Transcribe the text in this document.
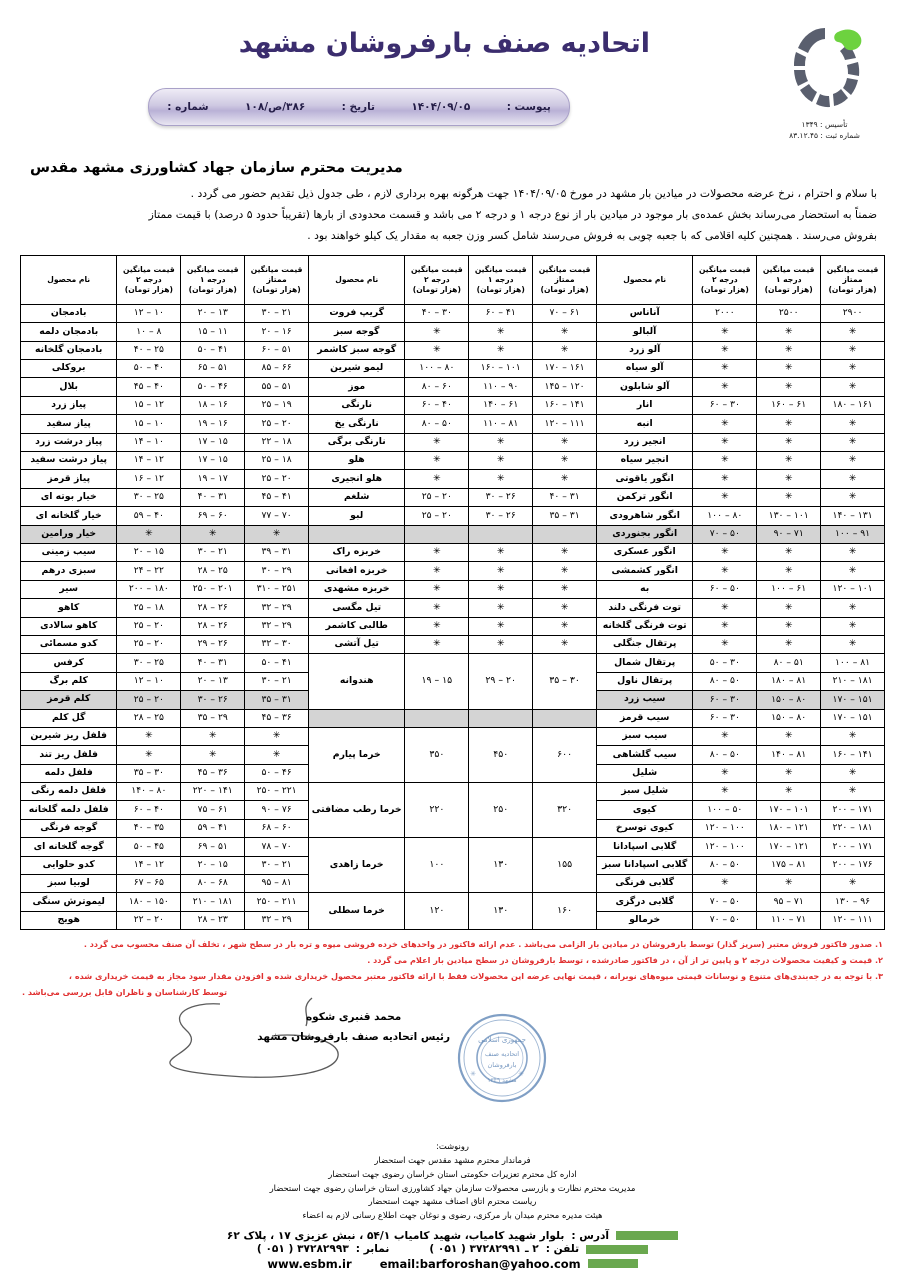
اتحادیه صنف بارفروشان مشهد
تأسیس : ۱۳۴۹
شماره ثبت : ۸۳.۱۲.۴۵
پیوست :
۱۴۰۴/۰۹/۰۵
تاریخ :
۳۸۶/ص/۱۰۸
شماره :
مدیریت محترم سازمان جهاد کشاورزی مشهد مقدس

با سلام و احترام ، نرخ عرضه محصولات در میادین بار مشهد در مورخ ۱۴۰۴/۰۹/۰۵ جهت هرگونه بهره برداری لازم ، طی جدول ذیل تقدیم حضور می گردد .

ضمناً به استحضار می‌رساند بخش عمده‌ی بار موجود در میادین بار از نوع درجه ۱ و درجه ۲ می باشد و قسمت محدودی از بارها (تقریباً حدود ۵ درصد) با قیمت ممتاز

بفروش می‌رسند . همچنین کلیه اقلامی که با جعبه چوبی به فروش می‌رسند شامل کسر وزن جعبه به مقدار یک کیلو خواهند بود .

قیمت میانگین
ممتاز
(هزار تومان)	قیمت میانگین
درجه ۱
(هزار تومان)	قیمت میانگین
درجه ۲
(هزار تومان)	نام محصول	قیمت میانگین
ممتاز
(هزار تومان)	قیمت میانگین
درجه ۱
(هزار تومان)	قیمت میانگین
درجه ۲
(هزار تومان)	نام محصول	قیمت میانگین
ممتاز
(هزار تومان)	قیمت میانگین
درجه ۱
(هزار تومان)	قیمت میانگین
درجه ۲
(هزار تومان)	نام محصول
۲۹۰۰	۲۵۰۰	۲۰۰۰	آناناس	۶۱ – ۷۰	۴۱ – ۶۰	۳۰ – ۴۰	گریپ فروت	۲۱ – ۳۰	۱۳ – ۲۰	۱۰ – ۱۲	بادمجان
✳	✳	✳	آلبالو	✳	✳	✳	گوجه سبز	۱۶ – ۲۰	۱۱ – ۱۵	۸ – ۱۰	بادمجان دلمه
✳	✳	✳	آلو زرد	✳	✳	✳	گوجه سبز کاشمر	۵۱ – ۶۰	۴۱ – ۵۰	۲۵ – ۴۰	بادمجان گلخانه
✳	✳	✳	آلو سیاه	۱۶۱ – ۱۷۰	۱۰۱ – ۱۶۰	۸۰ – ۱۰۰	لیمو شیرین	۶۶ – ۸۵	۵۱ – ۶۵	۴۰ – ۵۰	بروکلی
✳	✳	✳	آلو شابلون	۱۲۰ – ۱۴۵	۹۰ – ۱۱۰	۶۰ – ۸۰	موز	۵۱ – ۵۵	۴۶ – ۵۰	۴۰ – ۴۵	بلال
۱۶۱ – ۱۸۰	۶۱ – ۱۶۰	۳۰ – ۶۰	انار	۱۴۱ – ۱۶۰	۶۱ – ۱۴۰	۴۰ – ۶۰	نارنگی	۱۹ – ۲۵	۱۶ – ۱۸	۱۲ – ۱۵	پیاز زرد
✳	✳	✳	انبه	۱۱۱ – ۱۲۰	۸۱ – ۱۱۰	۵۰ – ۸۰	نارنگی یخ	۲۰ – ۲۵	۱۶ – ۱۹	۱۰ – ۱۵	پیاز سفید
✳	✳	✳	انجیر زرد	✳	✳	✳	نارنگی برگی	۱۸ – ۲۲	۱۵ – ۱۷	۱۰ – ۱۴	پیاز درشت زرد
✳	✳	✳	انجیر سیاه	✳	✳	✳	هلو	۱۸ – ۲۵	۱۵ – ۱۷	۱۲ – ۱۴	پیاز درشت سفید
✳	✳	✳	انگور یاقوتی	✳	✳	✳	هلو انجیری	۲۰ – ۲۵	۱۷ – ۱۹	۱۲ – ۱۶	پیاز قرمز
✳	✳	✳	انگور ترکمن	۳۱ – ۴۰	۲۶ – ۳۰	۲۰ – ۲۵	شلغم	۴۱ – ۴۵	۳۱ – ۴۰	۲۵ – ۳۰	خیار بوته ای
۱۳۱ – ۱۴۰	۱۰۱ – ۱۳۰	۸۰ – ۱۰۰	انگور شاهرودی	۳۱ – ۳۵	۲۶ – ۳۰	۲۰ – ۲۵	لبو	۷۰ – ۷۷	۶۰ – ۶۹	۴۰ – ۵۹	خیار گلخانه ای
۹۱ – ۱۰۰	۷۱ – ۹۰	۵۰ – ۷۰	انگور بجنوردی					✳	✳	✳	خیار ورامین
✳	✳	✳	انگور عسکری	✳	✳	✳	خربزه راک	۳۱ – ۳۹	۲۱ – ۳۰	۱۵ – ۲۰	سیب زمینی
✳	✳	✳	انگور کشمشی	✳	✳	✳	خربزه افغانی	۲۹ – ۳۰	۲۵ – ۲۸	۲۲ – ۲۴	سبزی درهم
۱۰۱ – ۱۲۰	۶۱ – ۱۰۰	۵۰ – ۶۰	به	✳	✳	✳	خربزه مشهدی	۲۵۱ – ۳۱۰	۲۰۱ – ۲۵۰	۱۸۰ – ۲۰۰	سیر
✳	✳	✳	توت فرنگی دلند	✳	✳	✳	تیل مگسی	۲۹ – ۳۲	۲۶ – ۲۸	۱۸ – ۲۵	کاهو
✳	✳	✳	توت فرنگی گلخانه	✳	✳	✳	طالبی کاشمر	۲۹ – ۳۲	۲۶ – ۲۸	۲۰ – ۲۵	کاهو سالادی
✳	✳	✳	پرتقال جنگلی	✳	✳	✳	تیل آتشی	۳۰ – ۳۲	۲۶ – ۲۹	۲۰ – ۲۵	کدو مسمائی
۸۱ – ۱۰۰	۵۱ – ۸۰	۳۰ – ۵۰	پرتقال شمال	۳۰ – ۳۵	۲۰ – ۲۹	۱۵ – ۱۹	هندوانه	۴۱ – ۵۰	۳۱ – ۴۰	۲۵ – ۳۰	کرفس
۱۸۱ – ۲۱۰	۸۱ – ۱۸۰	۵۰ – ۸۰	پرتقال ناول					۲۱ – ۳۰	۱۳ – ۲۰	۱۰ – ۱۲	کلم برگ
۱۵۱ – ۱۷۰	۸۰ – ۱۵۰	۳۰ – ۶۰	سیب زرد					۳۱ – ۳۵	۲۶ – ۳۰	۲۰ – ۲۵	کلم قرمز
۱۵۱ – ۱۷۰	۸۰ – ۱۵۰	۳۰ – ۶۰	سیب قرمز					۳۶ – ۴۵	۲۹ – ۳۵	۲۵ – ۲۸	گل کلم
✳	✳	✳	سیب سبز	۶۰۰	۴۵۰	۳۵۰	خرما پیارم	✳	✳	✳	فلفل ریز شیرین
۱۴۱ – ۱۶۰	۸۱ – ۱۴۰	۵۰ – ۸۰	سیب گلشاهی					✳	✳	✳	فلفل ریز تند
✳	✳	✳	شلیل					۴۶ – ۵۰	۳۶ – ۴۵	۳۰ – ۳۵	فلفل دلمه
✳	✳	✳	شلیل سبز	۳۲۰	۲۵۰	۲۲۰	خرما رطب مضافتی	۲۲۱ – ۲۵۰	۱۴۱ – ۲۲۰	۸۰ – ۱۴۰	فلفل دلمه رنگی
۱۷۱ – ۲۰۰	۱۰۱ – ۱۷۰	۵۰ – ۱۰۰	کیوی					۷۶ – ۹۰	۶۱ – ۷۵	۴۰ – ۶۰	فلفل دلمه گلخانه
۱۸۱ – ۲۲۰	۱۲۱ – ۱۸۰	۱۰۰ – ۱۲۰	کیوی توسرخ					۶۰ – ۶۸	۴۱ – ۵۹	۳۵ – ۴۰	گوجه فرنگی
۱۷۱ – ۲۰۰	۱۲۱ – ۱۷۰	۱۰۰ – ۱۲۰	گلابی اسپادانا	۱۵۵	۱۳۰	۱۰۰	خرما زاهدی	۷۰ – ۷۸	۵۱ – ۶۹	۴۵ – ۵۰	گوجه گلخانه ای
۱۷۶ – ۲۰۰	۸۱ – ۱۷۵	۵۰ – ۸۰	گلابی اسپادانا سبز					۲۱ – ۳۰	۱۵ – ۲۰	۱۲ – ۱۴	کدو حلوایی
✳	✳	✳	گلابی فرنگی					۸۱ – ۹۵	۶۸ – ۸۰	۶۵ – ۶۷	لوبیا سبز
۹۶ – ۱۳۰	۷۱ – ۹۵	۵۰ – ۷۰	گلابی درگزی	۱۶۰	۱۳۰	۱۲۰	خرما سطلی	۲۱۱ – ۲۵۰	۱۸۱ – ۲۱۰	۱۵۰ – ۱۸۰	لیموترش سنگی
۱۱۱ – ۱۲۰	۷۱ – ۱۱۰	۵۰ – ۷۰	خرمالو					۲۹ – ۳۲	۲۳ – ۲۸	۲۰ – ۲۲	هویج

۱. صدور فاکتور فروش معتبر (سریز گذار) توسط بارفروشان در میادین بار الزامی می‌باشد . عدم ارائه فاکتور در واحدهای خرده فروشی میوه و تره بار در سطح شهر ، تخلف آن صنف محسوب می گردد .

۲. قیمت و کیفیت محصولات درجه ۲ و پایین تر از آن ، در فاکتور صادرشده ، توسط بارفروشان در سطح میادین بار اعلام می گردد .

۳. با توجه به در جه‌بندی‌های متنوع و نوسانات قیمتی میوه‌های نوبرانه ، قیمت نهایی عرضه این محصولات فقط با ارائه فاکتور معتبر محصول خریداری شده و افزودن مقدار سود مجاز به قیمت خریداری شده ،

توسط کارشناسان و ناظران قابل بررسی می‌باشد .

جمهوری اسلامی
اتحادیه صنف
بارفروشان
مشهد ۱۳۴۹
✳	✳
محمد قنبری شکوه
رئیس اتحادیه صنف بارفروشان مشهد
رونوشت:
فرماندار محترم مشهد مقدس جهت استحضار
اداره کل محترم تعزیرات حکومتی استان خراسان رضوی جهت استحضار
مدیریت محترم نظارت و بازرسی محصولات سازمان جهاد کشاورزی استان خراسان رضوی جهت استحضار
ریاست محترم اتاق اصناف مشهد جهت استحضار
هیئت مدیره محترم میدان بار مرکزی، رضوی و نوغان جهت اطلاع رسانی لازم به اعضاء
آدرس :
بلوار شهید کامیاب، شهید کامیاب ۵۴/۱ ، نبش عزیزی ۱۷ ، پلاک ۶۲
تلفن :
۲ ـ ۳۷۲۸۲۹۹۱ ( ۰۵۱ )
نمابر :
۳۷۲۸۲۹۹۳ ( ۰۵۱ )
www.esbm.ir email:barforoshan@yahoo.com
